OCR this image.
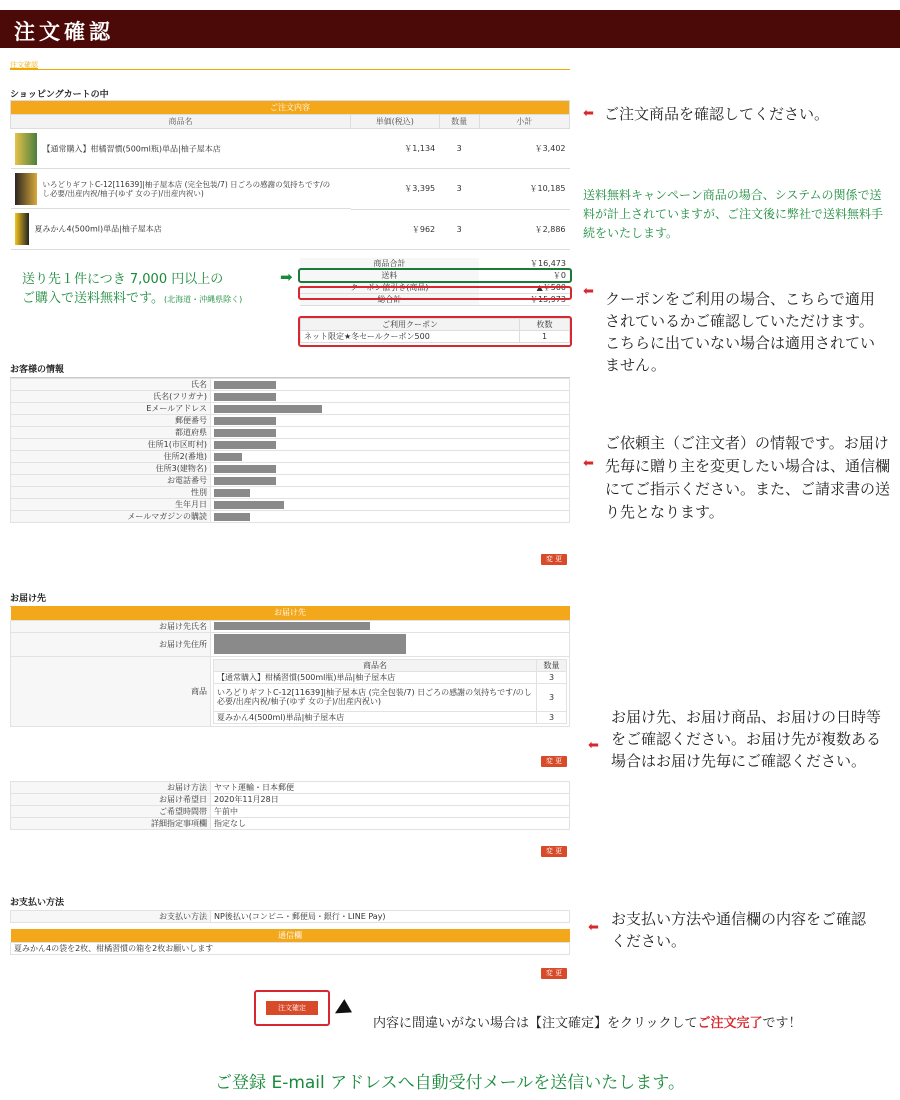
注文確認
注文確認
ショッピングカートの中
ご注文内容			
商品名	単価(税込)	数量	小計
【通常購入】柑橘習慣(500ml瓶)単品|柚子屋本店	￥1,134	3	￥3,402

いろどりギフトC-12[11639]|柚子屋本店 (完全包装/7) 日ごろの感謝の気持ちです/のし必要/出産内祝/柚子(ゆず 女の子)/出産内祝い)	￥3,395	3	￥10,185
夏みかん4(500ml)単品|柚子屋本店	￥962	3	￥2,886
商品合計	￥16,473
送料	￥0
クーポン値引き(商品)	▲￥500
総合計	￥15,973
ご利用クーポン	枚数
ネット限定★冬セールクーポン500	1
送り先１件につき 7,000 円以上の
ご購入で送料無料です。(北海道・沖縄県除く)
➡
お客様の情報
氏名	
氏名(フリガナ)	
Eメールアドレス	
郵便番号	
都道府県	
住所1(市区町村)	
住所2(番地)	
住所3(建物名)	
お電話番号	
性別	
生年月日	
メールマガジンの購読	
変 更
お届け先
お届け先
お届け先氏名	
お届け先住所	
商品	
商品名	数量
【通常購入】柑橘習慣(500ml瓶)単品|柚子屋本店	3
いろどりギフトC-12[11639]|柚子屋本店 (完全包装/7) 日ごろの感謝の気持ちです/のし必要/出産内祝/柚子(ゆず 女の子)/出産内祝い)	3
夏みかん4(500ml)単品|柚子屋本店	3
変 更
お届け方法	ヤマト運輸・日本郵便
お届け希望日	2020年11月28日
ご希望時間帯	午前中
詳細指定事項欄	指定なし
変 更
お支払い方法
お支払い方法	NP後払い(コンビニ・郵便局・銀行・LINE Pay)
通信欄
夏みかん4の袋を2枚、柑橘習慣の箱を2枚お願いします
変 更
注文確定	◀
内容に間違いがない場合は【注文確定】をクリックしてご注文完了です！
ご登録 E-mail アドレスへ自動受付メールを送信いたします。
⬅ ご注文商品を確認してください。
送料無料キャンペーン商品の場合、システムの関係で送料が計上されていますが、ご注文後に弊社で送料無料手続をいたします。
⬅ クーポンをご利用の場合、こちらで適用されているかご確認していただけます。こちらに出ていない場合は適用されていません。
⬅
ご依頼主（ご注文者）の情報です。お届け先毎に贈り主を変更したい場合は、通信欄にてご指示ください。また、ご請求書の送り先となります。
⬅
お届け先、お届け商品、お届けの日時等をご確認ください。お届け先が複数ある場合はお届け先毎にご確認ください。
⬅ お支払い方法や通信欄の内容をご確認ください。
